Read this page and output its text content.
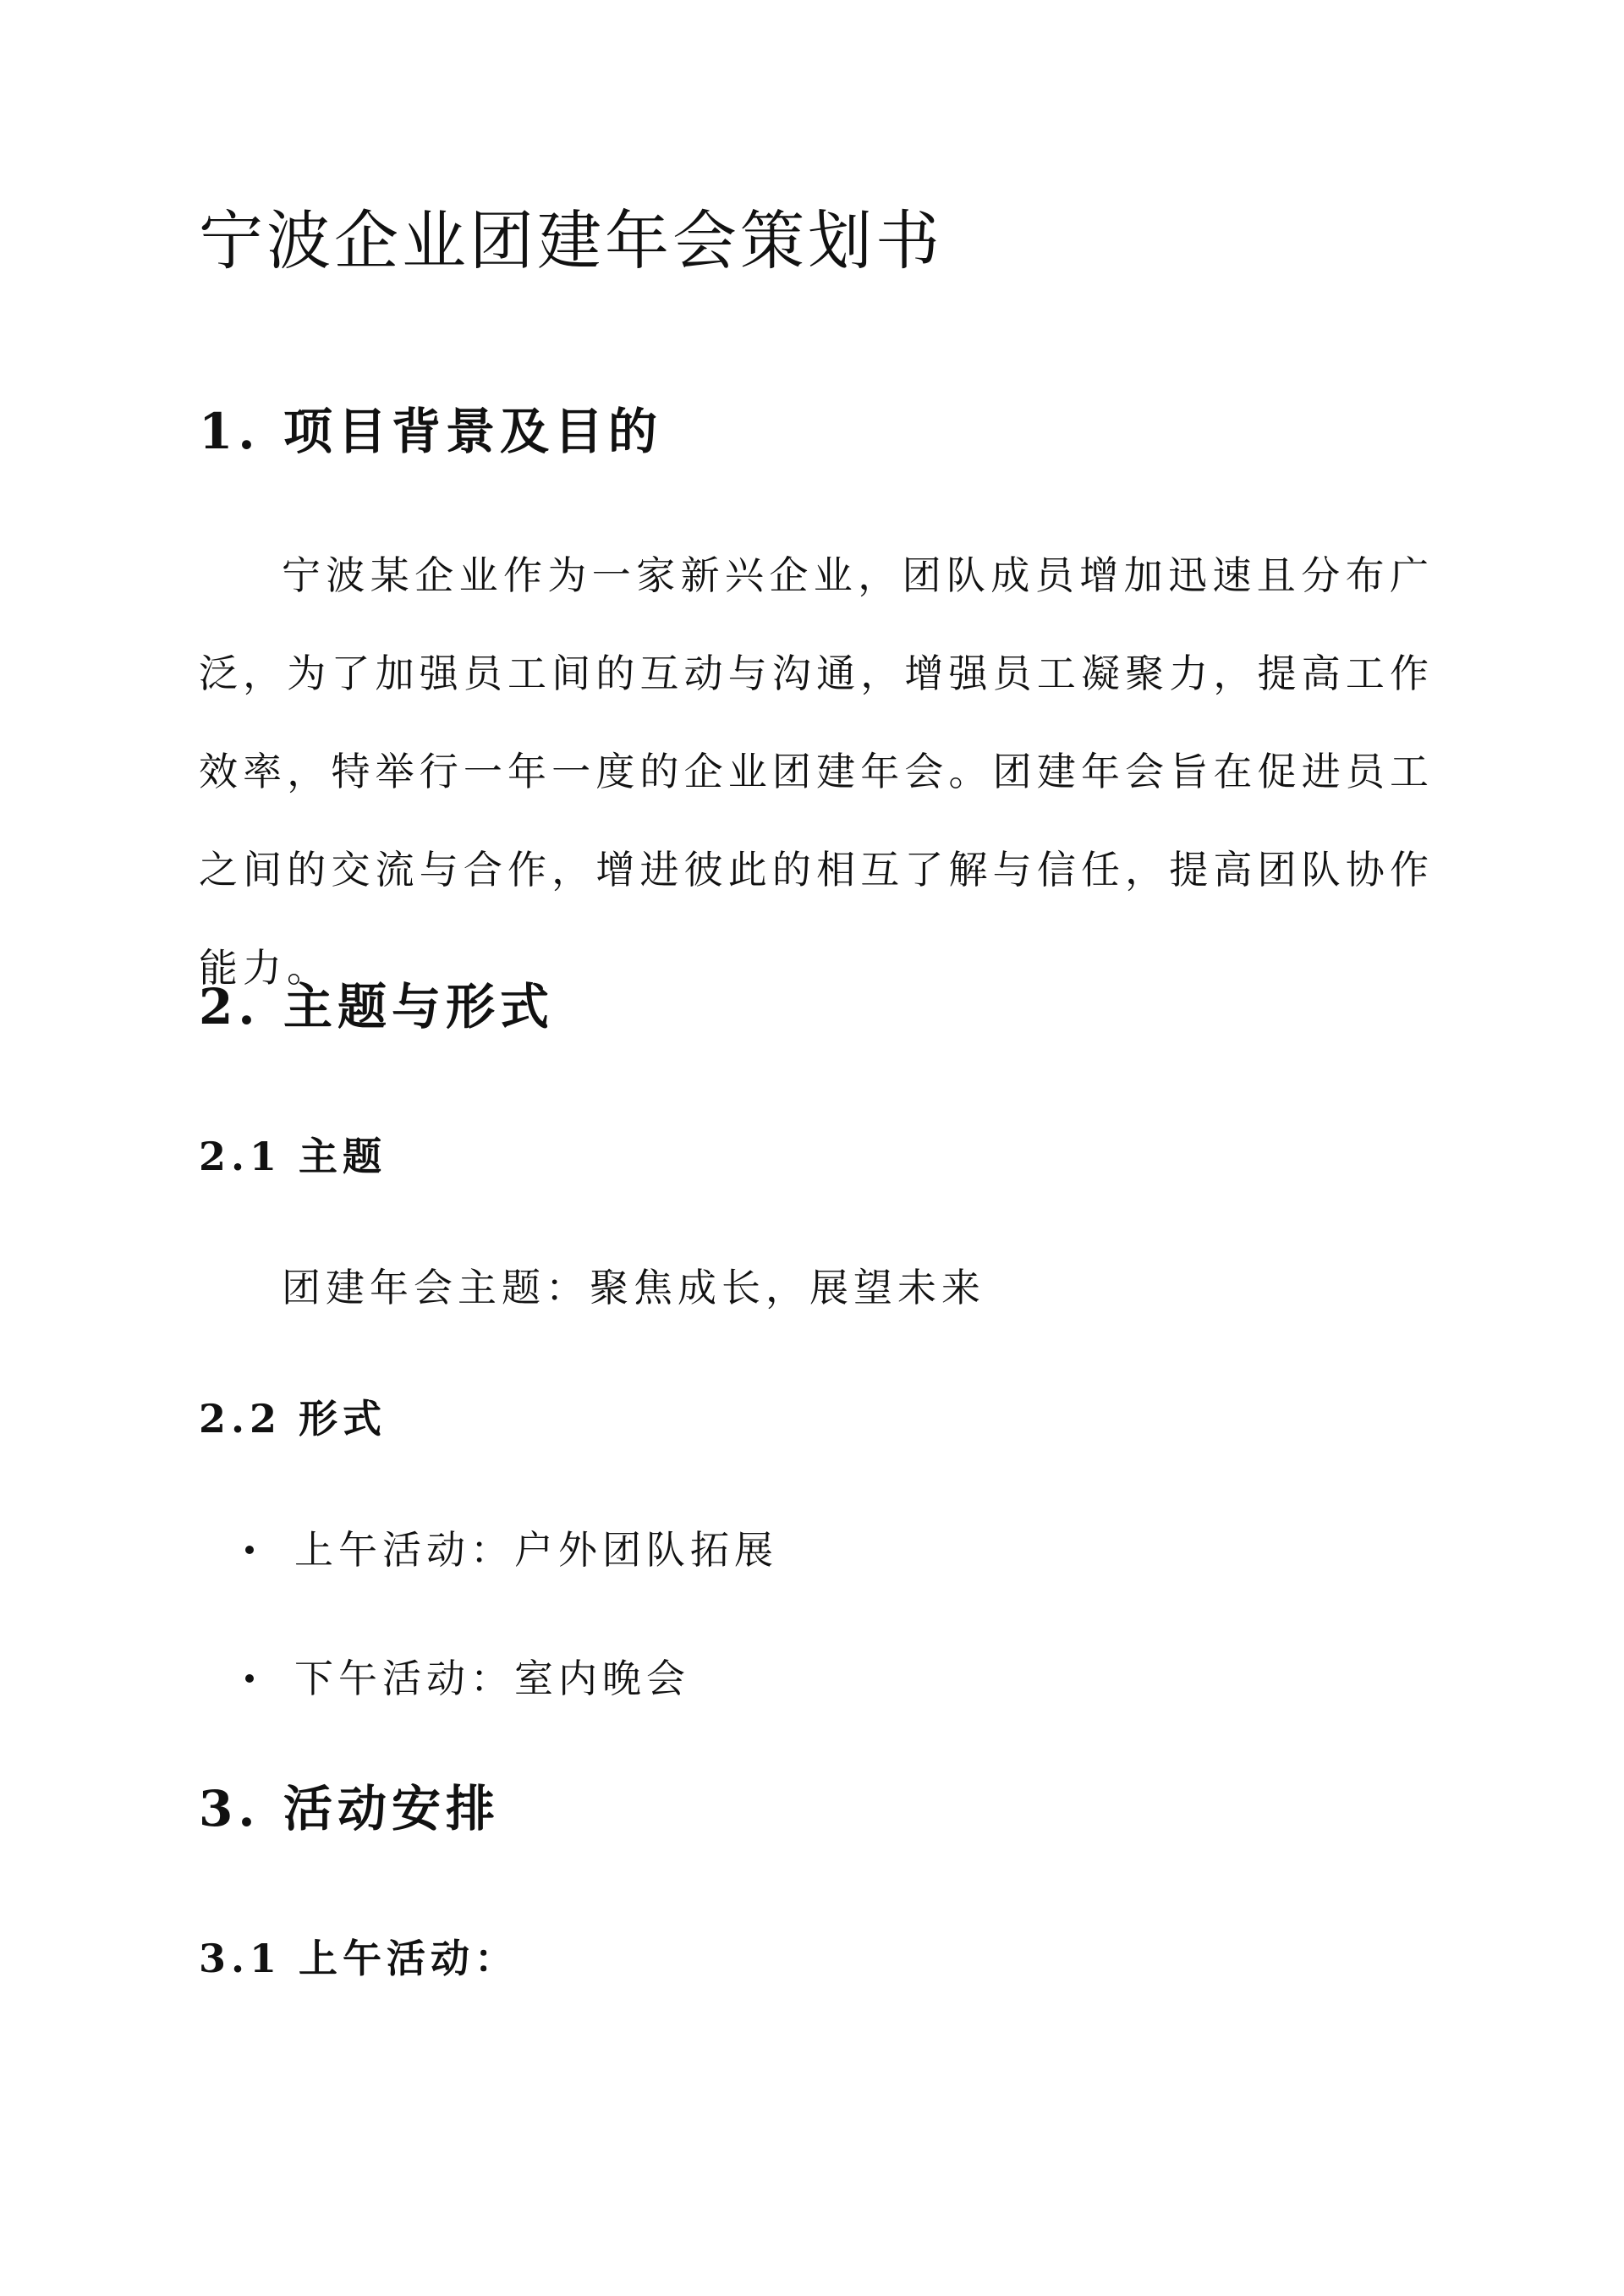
宁波企业团建年会策划书
1. 项目背景及目的

宁波某企业作为一家新兴企业，团队成员增加迅速且分布广泛，为了加强员工间的互动与沟通，增强员工凝聚力，提高工作效率，特举行一年一度的企业团建年会。团建年会旨在促进员工之间的交流与合作，增进彼此的相互了解与信任，提高团队协作能力。

2. 主题与形式
2.1 主题
团建年会主题：聚焦成长，展望未来
2.2 形式
上午活动：户外团队拓展
下午活动：室内晚会
3. 活动安排
3.1 上午活动：
